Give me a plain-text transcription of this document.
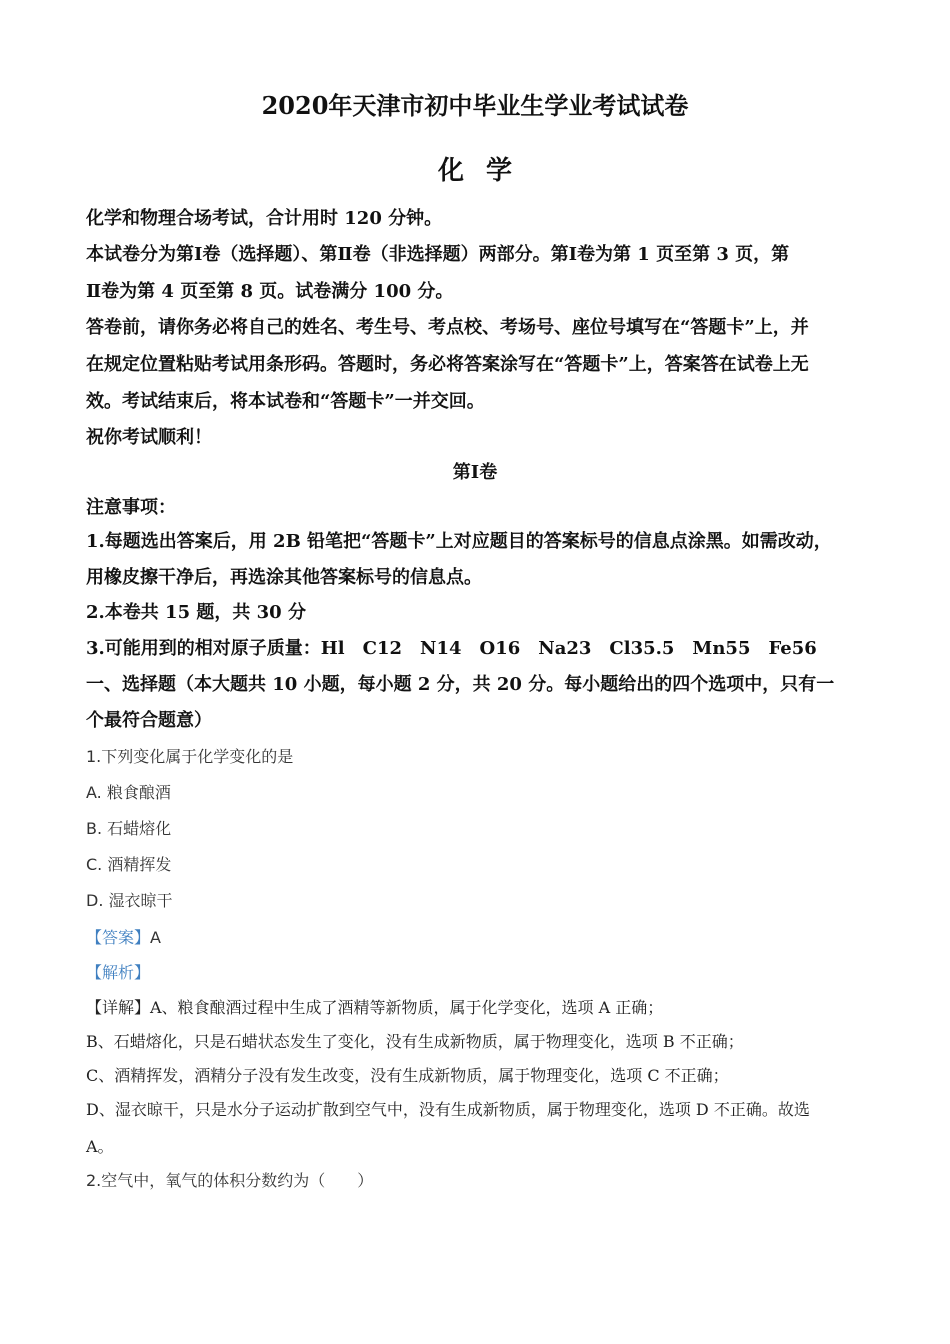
2020年天津市初中毕业生学业考试试卷
化学
化学和物理合场考试，合计用时 120 分钟。
本试卷分为第Ⅰ卷（选择题）、第Ⅱ卷（非选择题）两部分。第Ⅰ卷为第 1 页至第 3 页，第
Ⅱ卷为第 4 页至第 8 页。试卷满分 100 分。
答卷前，请你务必将自己的姓名、考生号、考点校、考场号、座位号填写在“答题卡”上，并
在规定位置粘贴考试用条形码。答题时，务必将答案涂写在“答题卡”上，答案答在试卷上无
效。考试结束后，将本试卷和“答题卡”一并交回。
祝你考试顺利！
第Ⅰ卷
注意事项：
1.每题选出答案后，用 2B 铅笔把“答题卡”上对应题目的答案标号的信息点涂黑。如需改动，
用橡皮擦干净后，再选涂其他答案标号的信息点。
2.本卷共 15 题，共 30 分
3.可能用到的相对原子质量：Hl　C12　N14　O16　Na23　Cl35.5　Mn55　Fe56
一、选择题（本大题共 10 小题，每小题 2 分，共 20 分。每小题给出的四个选项中，只有一
个最符合题意）
1.下列变化属于化学变化的是
A. 粮食酿酒
B. 石蜡熔化
C. 酒精挥发
D. 湿衣晾干
【答案】A
【解析】
【详解】A、粮食酿酒过程中生成了酒精等新物质，属于化学变化，选项 A 正确；
B、石蜡熔化，只是石蜡状态发生了变化，没有生成新物质，属于物理变化，选项 B 不正确；
C、酒精挥发，酒精分子没有发生改变，没有生成新物质，属于物理变化，选项 C 不正确；
D、湿衣晾干，只是水分子运动扩散到空气中，没有生成新物质，属于物理变化，选项 D 不正确。故选
A。
2.空气中，氧气的体积分数约为（　　）
